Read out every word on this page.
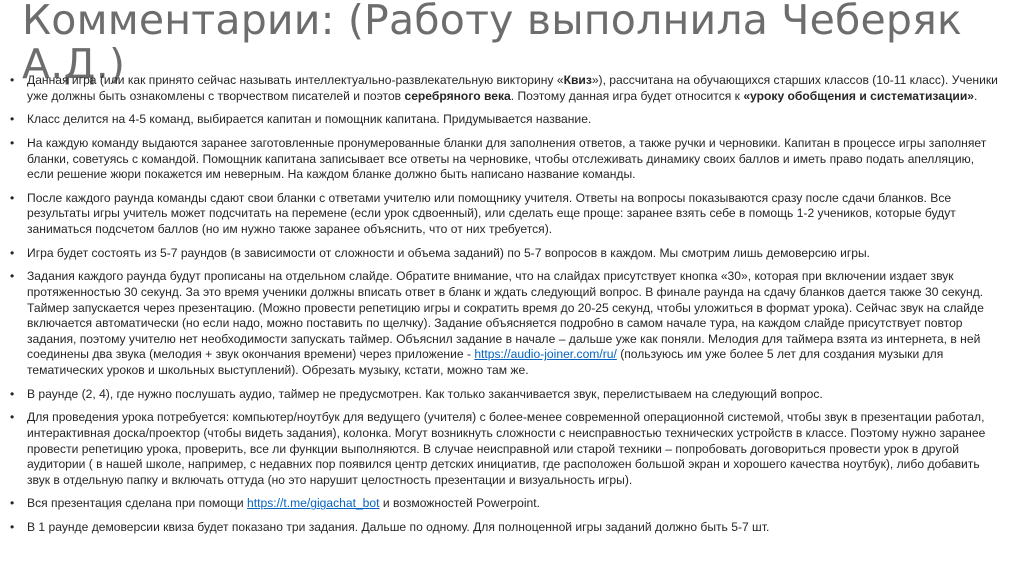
Комментарии: (Работу выполнила Чеберяк А.Д.)
• Данная игра (или как принято сейчас называть интеллектуально-развлекательную викторину «Квиз»), рассчитана на обучающихся старших классов (10-11 класс). Ученики уже должны быть ознакомлены с творчеством писателей и поэтов серебряного века. Поэтому данная игра будет относится к «уроку обобщения и систематизации».
• Класс делится на 4-5 команд, выбирается капитан и помощник капитана. Придумывается название.
• На каждую команду выдаются заранее заготовленные пронумерованные бланки для заполнения ответов, а также ручки и черновики. Капитан в процессе игры заполняет бланки, советуясь с командой. Помощник капитана записывает все ответы на черновике, чтобы отслеживать динамику своих баллов и иметь право подать апелляцию, если решение жюри покажется им неверным. На каждом бланке должно быть написано название команды.
• После каждого раунда команды сдают свои бланки с ответами учителю или помощнику учителя. Ответы на вопросы показываются сразу после сдачи бланков. Все результаты игры учитель может подсчитать на перемене (если урок сдвоенный), или сделать еще проще: заранее взять себе в помощь 1-2 учеников, которые будут заниматься подсчетом баллов (но им нужно также заранее объяснить, что от них требуется).
• Игра будет состоять из 5-7 раундов (в зависимости от сложности и объема заданий) по 5-7 вопросов в каждом. Мы смотрим лишь демоверсию игры.
• Задания каждого раунда будут прописаны на отдельном слайде. Обратите внимание, что на слайдах присутствует кнопка «30», которая при включении издает звук протяженностью 30 секунд. За это время ученики должны вписать ответ в бланк и ждать следующий вопрос. В финале раунда на сдачу бланков дается также 30 секунд. Таймер запускается через презентацию. (Можно провести репетицию игры и сократить время до 20-25 секунд, чтобы уложиться в формат урока). Сейчас звук на слайде включается автоматически (но если надо, можно поставить по щелчку). Задание объясняется подробно в самом начале тура, на каждом слайде присутствует повтор задания, поэтому учителю нет необходимости запускать таймер. Объяснил задание в начале – дальше уже как поняли. Мелодия для таймера взята из интернета, в ней соединены два звука (мелодия + звук окончания времени) через приложение - https://audio-joiner.com/ru/ (пользуюсь им уже более 5 лет для создания музыки для тематических уроков и школьных выступлений). Обрезать музыку, кстати, можно там же.
• В раунде (2, 4), где нужно послушать аудио, таймер не предусмотрен. Как только заканчивается звук, перелистываем на следующий вопрос.
• Для проведения урока потребуется: компьютер/ноутбук для ведущего (учителя) с более-менее современной операционной системой, чтобы звук в презентации работал, интерактивная доска/проектор (чтобы видеть задания), колонка. Могут возникнуть сложности с неисправностью технических устройств в классе. Поэтому нужно заранее провести репетицию урока, проверить, все ли функции выполняются. В случае неисправной или старой техники – попробовать договориться провести урок в другой аудитории ( в нашей школе, например, с недавних пор появился центр детских инициатив, где расположен большой экран и хорошего качества ноутбук), либо добавить звук в отдельную папку и включать оттуда (но это нарушит целостность презентации и визуальность игры).
• Вся презентация сделана при помощи https://t.me/gigachat_bot и возможностей Powerpoint.
• В 1 раунде демоверсии квиза будет показано три задания. Дальше по одному. Для полноценной игры заданий должно быть 5-7 шт.
